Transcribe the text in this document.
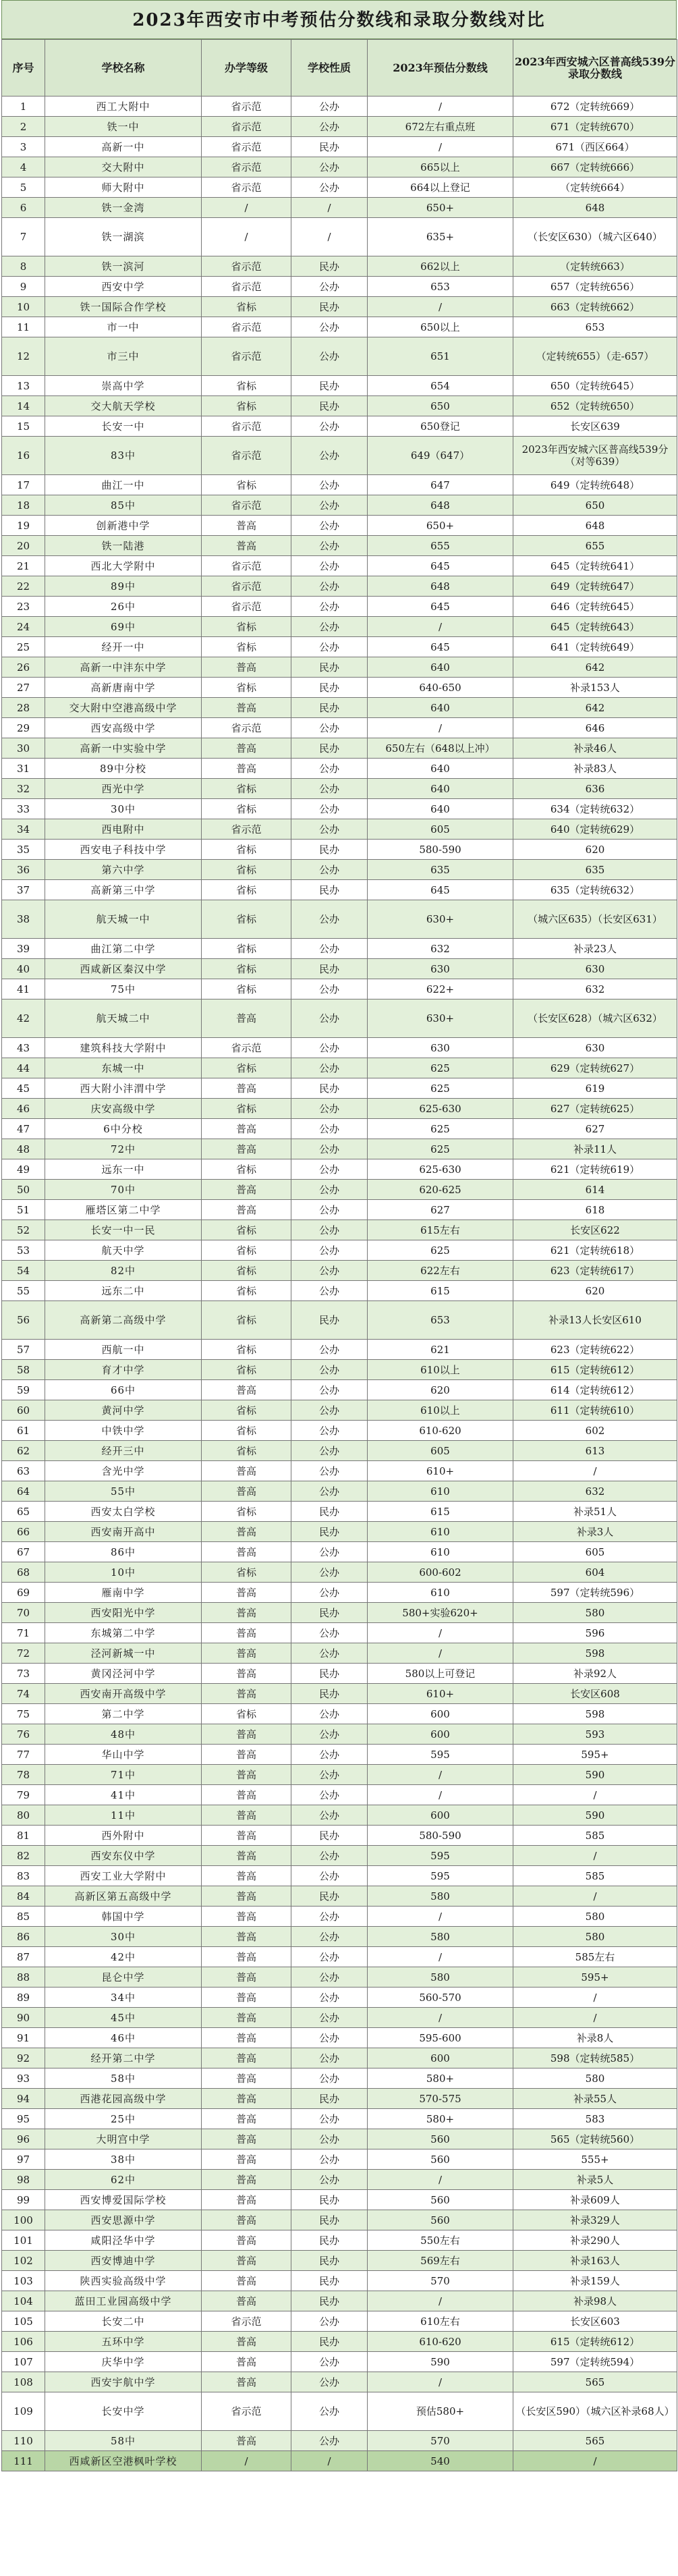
2023年西安市中考预估分数线和录取分数线对比
序号	学校名称	办学等级	学校性质	2023年预估分数线	2023年西安城六区普高线539分录取分数线
1	西工大附中	省示范	公办	/	672（定转统669）
2	铁一中	省示范	公办	672左右重点班	671（定转统670）
3	高新一中	省示范	民办	/	671（西区664）
4	交大附中	省示范	公办	665以上	667（定转统666）
5	师大附中	省示范	公办	664以上登记	（定转统664）
6	铁一金湾	/	/	650+	648
7	铁一湖滨	/	/	635+	（长安区630）（城六区640）
8	铁一滨河	省示范	民办	662以上	（定转统663）
9	西安中学	省示范	公办	653	657（定转统656）
10	铁一国际合作学校	省标	民办	/	663（定转统662）
11	市一中	省示范	公办	650以上	653
12	市三中	省示范	公办	651	（定转统655）（走-657）
13	崇高中学	省标	民办	654	650（定转统645）
14	交大航天学校	省标	民办	650	652（定转统650）
15	长安一中	省示范	公办	650登记	长安区639
16	83中	省示范	公办	649（647）	2023年西安城六区普高线539分（对等639）
17	曲江一中	省标	公办	647	649（定转统648）
18	85中	省示范	公办	648	650
19	创新港中学	普高	公办	650+	648
20	铁一陆港	普高	公办	655	655
21	西北大学附中	省示范	公办	645	645（定转统641）
22	89中	省示范	公办	648	649（定转统647）
23	26中	省示范	公办	645	646（定转统645）
24	69中	省标	公办	/	645（定转统643）
25	经开一中	省标	公办	645	641（定转统649）
26	高新一中沣东中学	普高	民办	640	642
27	高新唐南中学	省标	民办	640-650	补录153人
28	交大附中空港高级中学	普高	民办	640	642
29	西安高级中学	省示范	公办	/	646
30	高新一中实验中学	普高	民办	650左右（648以上冲）	补录46人
31	89中分校	普高	公办	640	补录83人
32	西光中学	省标	公办	640	636
33	30中	省标	公办	640	634（定转统632）
34	西电附中	省示范	公办	605	640（定转统629）
35	西安电子科技中学	省标	民办	580-590	620
36	第六中学	省标	公办	635	635
37	高新第三中学	省标	民办	645	635（定转统632）
38	航天城一中	省标	公办	630+	（城六区635）（长安区631）
39	曲江第二中学	省标	公办	632	补录23人
40	西咸新区秦汉中学	省标	民办	630	630
41	75中	省标	公办	622+	632
42	航天城二中	普高	公办	630+	（长安区628）（城六区632）
43	建筑科技大学附中	省示范	公办	630	630
44	东城一中	省标	公办	625	629（定转统627）
45	西大附小沣渭中学	普高	民办	625	619
46	庆安高级中学	省标	公办	625-630	627（定转统625）
47	6中分校	普高	公办	625	627
48	72中	普高	公办	625	补录11人
49	远东一中	省标	公办	625-630	621（定转统619）
50	70中	普高	公办	620-625	614
51	雁塔区第二中学	普高	公办	627	618
52	长安一中一民	省标	公办	615左右	长安区622
53	航天中学	省标	公办	625	621（定转统618）
54	82中	省标	公办	622左右	623（定转统617）
55	远东二中	省标	公办	615	620
56	高新第二高级中学	省标	民办	653	补录13人长安区610
57	西航一中	省标	公办	621	623（定转统622）
58	育才中学	省标	公办	610以上	615（定转统612）
59	66中	普高	公办	620	614（定转统612）
60	黄河中学	省标	公办	610以上	611（定转统610）
61	中铁中学	省标	公办	610-620	602
62	经开三中	省标	公办	605	613
63	含光中学	普高	公办	610+	/
64	55中	普高	公办	610	632
65	西安太白学校	省标	民办	615	补录51人
66	西安南开高中	普高	民办	610	补录3人
67	86中	普高	公办	610	605
68	10中	省标	公办	600-602	604
69	雁南中学	普高	公办	610	597（定转统596）
70	西安阳光中学	普高	民办	580+实验620+	580
71	东城第二中学	普高	公办	/	596
72	泾河新城一中	普高	公办	/	598
73	黄冈泾河中学	普高	民办	580以上可登记	补录92人
74	西安南开高级中学	普高	民办	610+	长安区608
75	第二中学	省标	公办	600	598
76	48中	普高	公办	600	593
77	华山中学	普高	公办	595	595+
78	71中	普高	公办	/	590
79	41中	普高	公办	/	/
80	11中	普高	公办	600	590
81	西外附中	普高	民办	580-590	585
82	西安东仪中学	普高	公办	595	/
83	西安工业大学附中	普高	公办	595	585
84	高新区第五高级中学	普高	民办	580	/
85	韩国中学	普高	公办	/	580
86	30中	普高	公办	580	580
87	42中	普高	公办	/	585左右
88	昆仑中学	普高	公办	580	595+
89	34中	普高	公办	560-570	/
90	45中	普高	公办	/	/
91	46中	普高	公办	595-600	补录8人
92	经开第二中学	普高	公办	600	598（定转统585）
93	58中	普高	公办	580+	580
94	西港花园高级中学	普高	民办	570-575	补录55人
95	25中	普高	公办	580+	583
96	大明宫中学	普高	公办	560	565（定转统560）
97	38中	普高	公办	560	555+
98	62中	普高	公办	/	补录5人
99	西安博爱国际学校	普高	民办	560	补录609人
100	西安思源中学	普高	民办	560	补录329人
101	咸阳泾华中学	普高	民办	550左右	补录290人
102	西安博迪中学	普高	民办	569左右	补录163人
103	陕西实验高级中学	普高	民办	570	补录159人
104	蓝田工业园高级中学	普高	民办	/	补录98人
105	长安二中	省示范	公办	610左右	长安区603
106	五环中学	普高	民办	610-620	615（定转统612）
107	庆华中学	普高	公办	590	597（定转统594）
108	西安宇航中学	普高	公办	/	565
109	长安中学	省示范	公办	预估580+	（长安区590）（城六区补录68人）
110	58中	普高	公办	570	565
111	西咸新区空港枫叶学校	/	/	540	/
